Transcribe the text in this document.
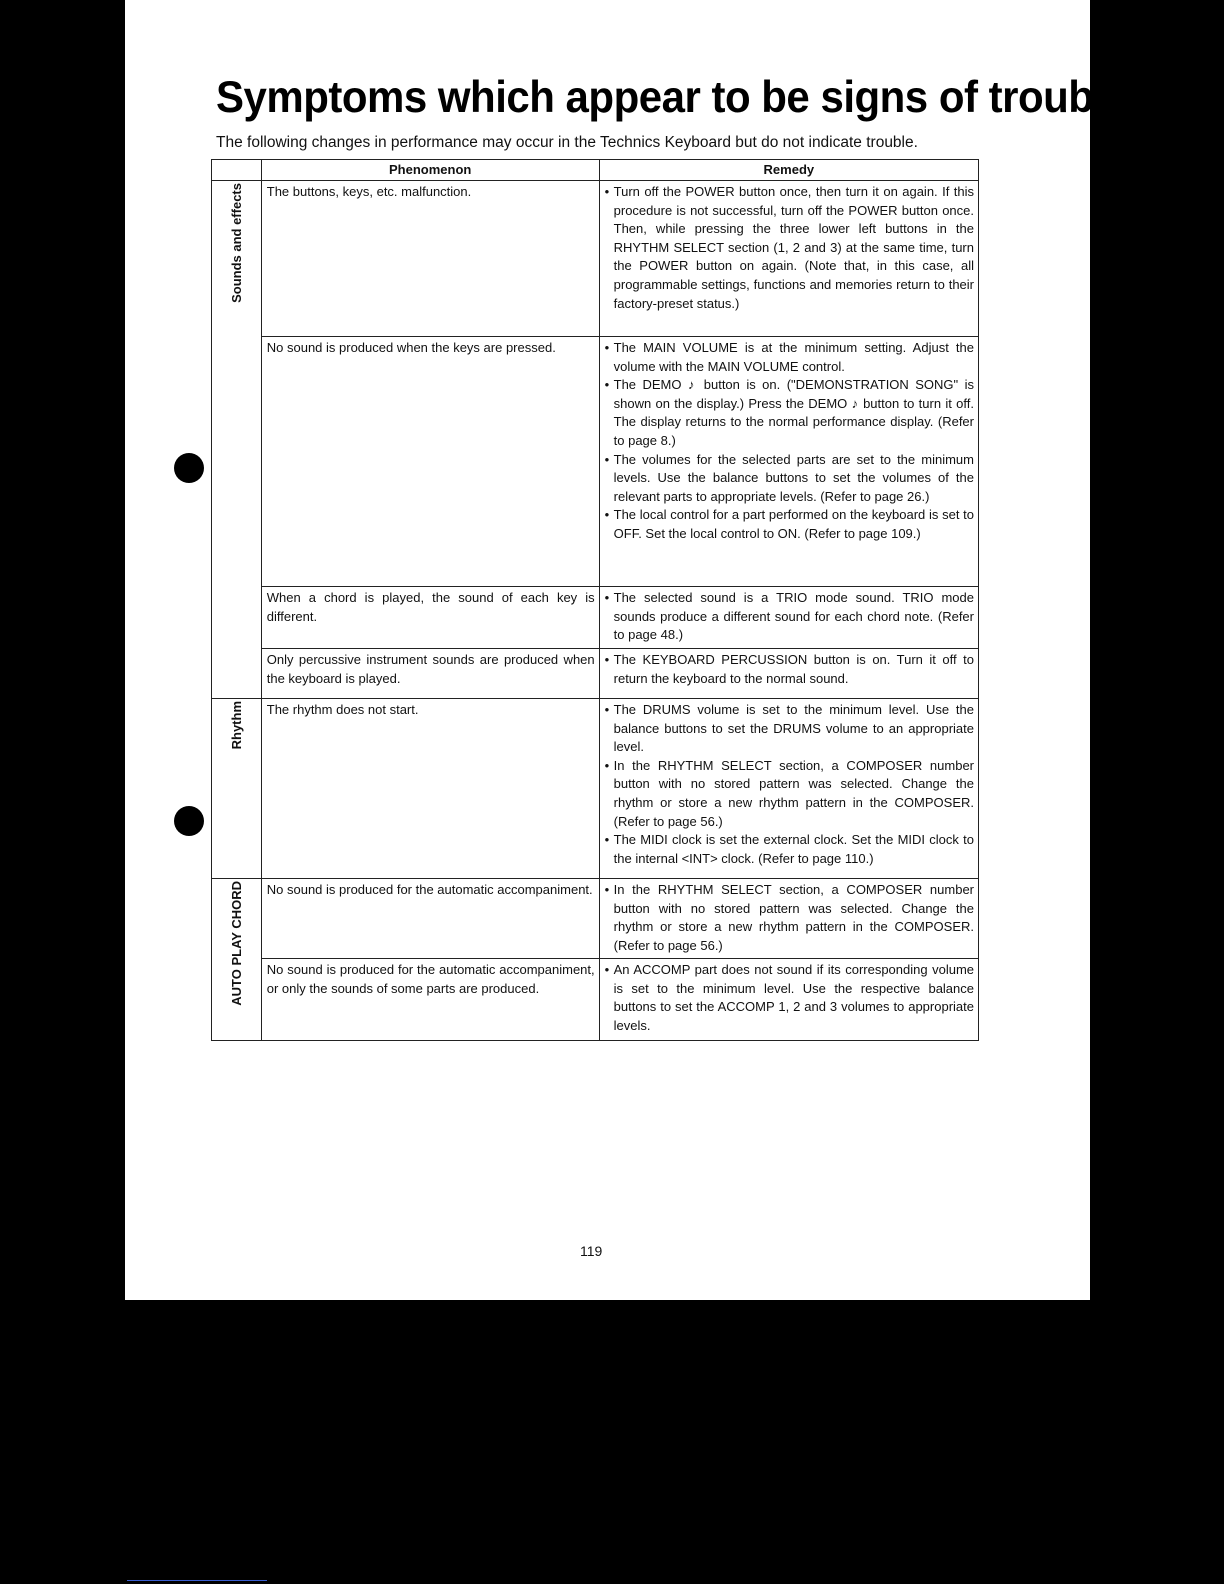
Symptoms which appear to be signs of trouble
The following changes in performance may occur in the Technics Keyboard but do not indicate trouble.
	Phenomenon	Remedy
Sounds and effects	The buttons, keys, etc. malfunction.	• Turn off the POWER button once, then turn it on again. If this procedure is not successful, turn off the POWER button once. Then, while pressing the three lower left buttons in the RHYTHM SELECT section (1, 2 and 3) at the same time, turn the POWER button on again. (Note that, in this case, all programmable settings, functions and memories return to their factory-preset status.)

	No sound is produced when the keys are pressed.	• The MAIN VOLUME is at the minimum setting. Adjust the volume with the MAIN VOLUME control.
• The DEMO ♪ button is on. ("DEMONSTRATION SONG" is shown on the display.) Press the DEMO ♪ button to turn it off. The display returns to the normal performance display. (Refer to page 8.)
• The volumes for the selected parts are set to the minimum levels. Use the balance buttons to set the volumes of the relevant parts to appropriate levels. (Refer to page 26.)
• The local control for a part performed on the keyboard is set to OFF. Set the local control to ON. (Refer to page 109.)

	When a chord is played, the sound of each key is different.	• The selected sound is a TRIO mode sound. TRIO mode sounds produce a different sound for each chord note. (Refer to page 48.)

	Only percussive instrument sounds are produced when the keyboard is played.	• The KEYBOARD PERCUSSION button is on. Turn it off to return the keyboard to the normal sound.

Rhythm	The rhythm does not start.	• The DRUMS volume is set to the minimum level. Use the balance buttons to set the DRUMS volume to an appropriate level.
• In the RHYTHM SELECT section, a COMPOSER number button with no stored pattern was selected. Change the rhythm or store a new rhythm pattern in the COMPOSER. (Refer to page 56.)
• The MIDI clock is set the external clock. Set the MIDI clock to the internal <INT> clock. (Refer to page 110.)

AUTO PLAY CHORD	No sound is produced for the automatic accompaniment.	• In the RHYTHM SELECT section, a COMPOSER number button with no stored pattern was selected. Change the rhythm or store a new rhythm pattern in the COMPOSER. (Refer to page 56.)

	No sound is produced for the automatic accompaniment, or only the sounds of some parts are produced.	• An ACCOMP part does not sound if its corresponding volume is set to the minimum level. Use the respective balance buttons to set the ACCOMP 1, 2 and 3 volumes to appropriate levels.
119
